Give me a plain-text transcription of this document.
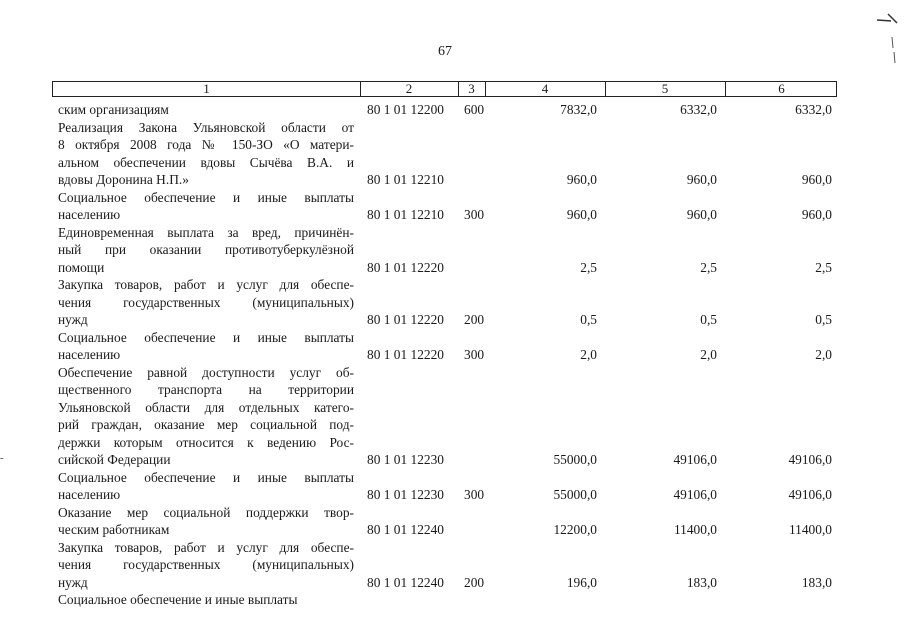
67
1	2	3	4	5	6
ским организациям	80 1 01 12200 600	7832,0	6332,0	6332,0
Реализация Закона Ульяновской области от
8 октября 2008 года № 150-ЗО «О матери-
альном обеспечении вдовы Сычёва В.А. и
вдовы Доронина Н.П.»	80 1 01 12210	960,0	960,0	960,0
Социальное обеспечение и иные выплаты
населению	80 1 01 12210 300	960,0	960,0	960,0
Единовременная выплата за вред, причинён-
ный при оказании противотуберкулёзной
помощи	80 1 01 12220	2,5	2,5	2,5
Закупка товаров, работ и услуг для обеспе-
чения государственных (муниципальных)
нужд	80 1 01 12220 200	0,5	0,5	0,5
Социальное обеспечение и иные выплаты
населению	80 1 01 12220 300	2,0	2,0	2,0
Обеспечение равной доступности услуг об-
щественного транспорта на территории
Ульяновской области для отдельных катего-
рий граждан, оказание мер социальной под-
держки которым относится к ведению Рос-
сийской Федерации	80 1 01 12230	55000,0	49106,0	49106,0
Социальное обеспечение и иные выплаты
населению	80 1 01 12230 300	55000,0	49106,0	49106,0
Оказание мер социальной поддержки твор-
ческим работникам	80 1 01 12240	12200,0	11400,0	11400,0
Закупка товаров, работ и услуг для обеспе-
чения государственных (муниципальных)
нужд	80 1 01 12240 200	196,0	183,0	183,0
Социальное обеспечение и иные выплаты
-
